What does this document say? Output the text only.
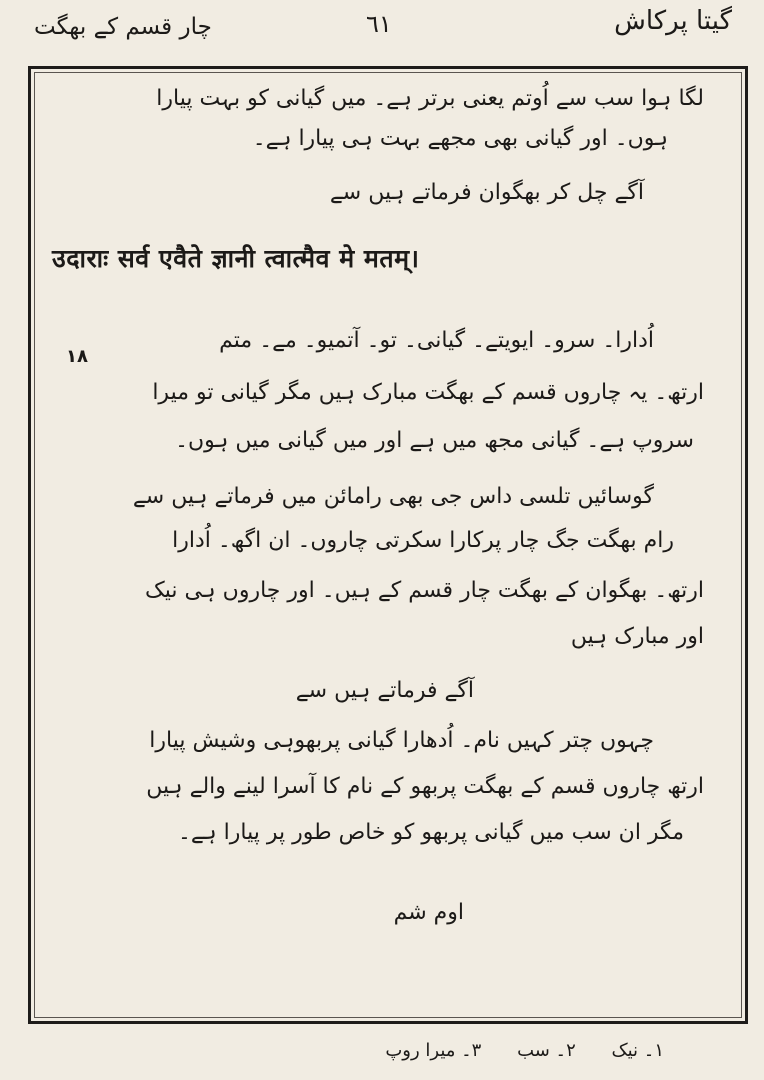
چار قسم کے بھگت	٦١	گیتا پرکاش
لگا ہوا سب سے اُوتم یعنی برتر ہے۔ میں گیانی کو بہت پیارا
ہوں۔ اور گیانی بھی مجھے بہت ہی پیارا ہے۔
آگے چل کر بھگوان فرماتے ہیں سے
उदाराः सर्व एवैते ज्ञानी त्वात्मैव मे मतम्।
اُدارا۔ سرو۔ ایویتے۔ گیانی۔ تو۔ آتمیو۔ مے۔ متم
١٨
ارتھ۔ یہ چاروں قسم کے بھگت مبارک ہیں مگر گیانی تو میرا
سروپ ہے۔ گیانی مجھ میں ہے اور میں گیانی میں ہوں۔
گوسائیں تلسی داس جی بھی رامائن میں فرماتے ہیں سے
رام بھگت جگ چار پرکارا سکرتی چاروں۔ ان اگھ۔ اُدارا
ارتھ۔ بھگوان کے بھگت چار قسم کے ہیں۔ اور چاروں ہی نیک
اور مبارک ہیں
آگے فرماتے ہیں سے
چہوں چتر کہیں نام۔ اُدھارا گیانی پربھوہی وشیش پیارا
ارتھ چاروں قسم کے بھگت پربھو کے نام کا آسرا لینے والے ہیں
مگر ان سب میں گیانی پربھو کو خاص طور پر پیارا ہے۔
اوم شم
١۔ نیک ٢۔ سب ٣۔ میرا روپ
